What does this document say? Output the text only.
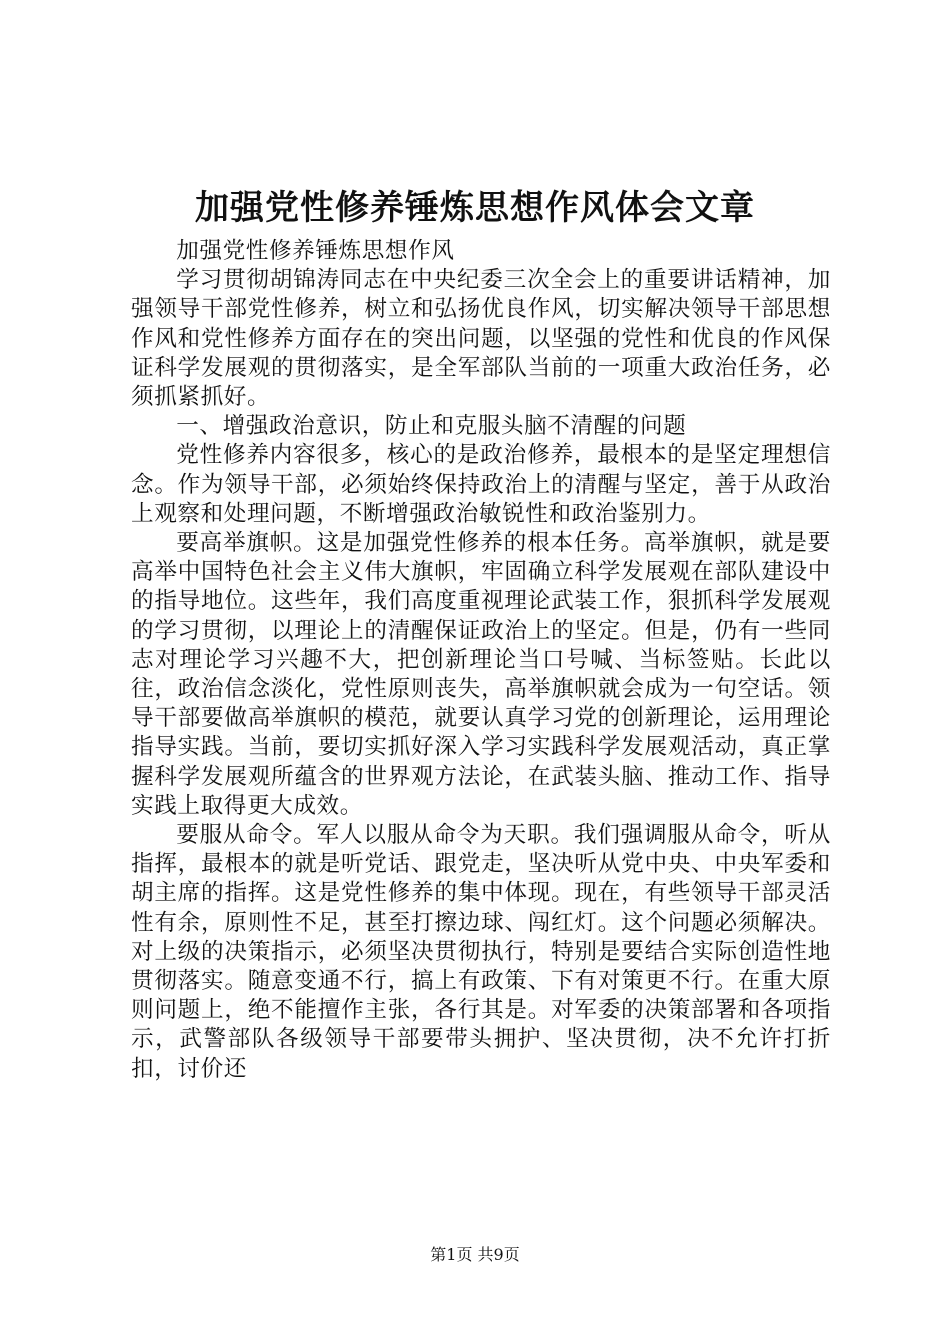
加强党性修养锤炼思想作风体会文章

加强党性修养锤炼思想作风

学习贯彻胡锦涛同志在中央纪委三次全会上的重要讲话精神，加强领导干部党性修养，树立和弘扬优良作风，切实解决领导干部思想作风和党性修养方面存在的突出问题，以坚强的党性和优良的作风保证科学发展观的贯彻落实，是全军部队当前的一项重大政治任务，必须抓紧抓好。

一、增强政治意识，防止和克服头脑不清醒的问题

党性修养内容很多，核心的是政治修养，最根本的是坚定理想信念。作为领导干部，必须始终保持政治上的清醒与坚定，善于从政治上观察和处理问题，不断增强政治敏锐性和政治鉴别力。

要高举旗帜。这是加强党性修养的根本任务。高举旗帜，就是要高举中国特色社会主义伟大旗帜，牢固确立科学发展观在部队建设中的指导地位。这些年，我们高度重视理论武装工作，狠抓科学发展观的学习贯彻，以理论上的清醒保证政治上的坚定。但是，仍有一些同志对理论学习兴趣不大，把创新理论当口号喊、当标签贴。长此以往，政治信念淡化，党性原则丧失，高举旗帜就会成为一句空话。领导干部要做高举旗帜的模范，就要认真学习党的创新理论，运用理论指导实践。当前，要切实抓好深入学习实践科学发展观活动，真正掌握科学发展观所蕴含的世界观方法论，在武装头脑、推动工作、指导实践上取得更大成效。

要服从命令。军人以服从命令为天职。我们强调服从命令，听从指挥，最根本的就是听党话、跟党走，坚决听从党中央、中央军委和胡主席的指挥。这是党性修养的集中体现。现在，有些领导干部灵活性有余，原则性不足，甚至打擦边球、闯红灯。这个问题必须解决。对上级的决策指示，必须坚决贯彻执行，特别是要结合实际创造性地贯彻落实。随意变通不行，搞上有政策、下有对策更不行。在重大原则问题上，绝不能擅作主张，各行其是。对军委的决策部署和各项指示，武警部队各级领导干部要带头拥护、坚决贯彻，决不允许打折扣，讨价还

第1页 共9页
